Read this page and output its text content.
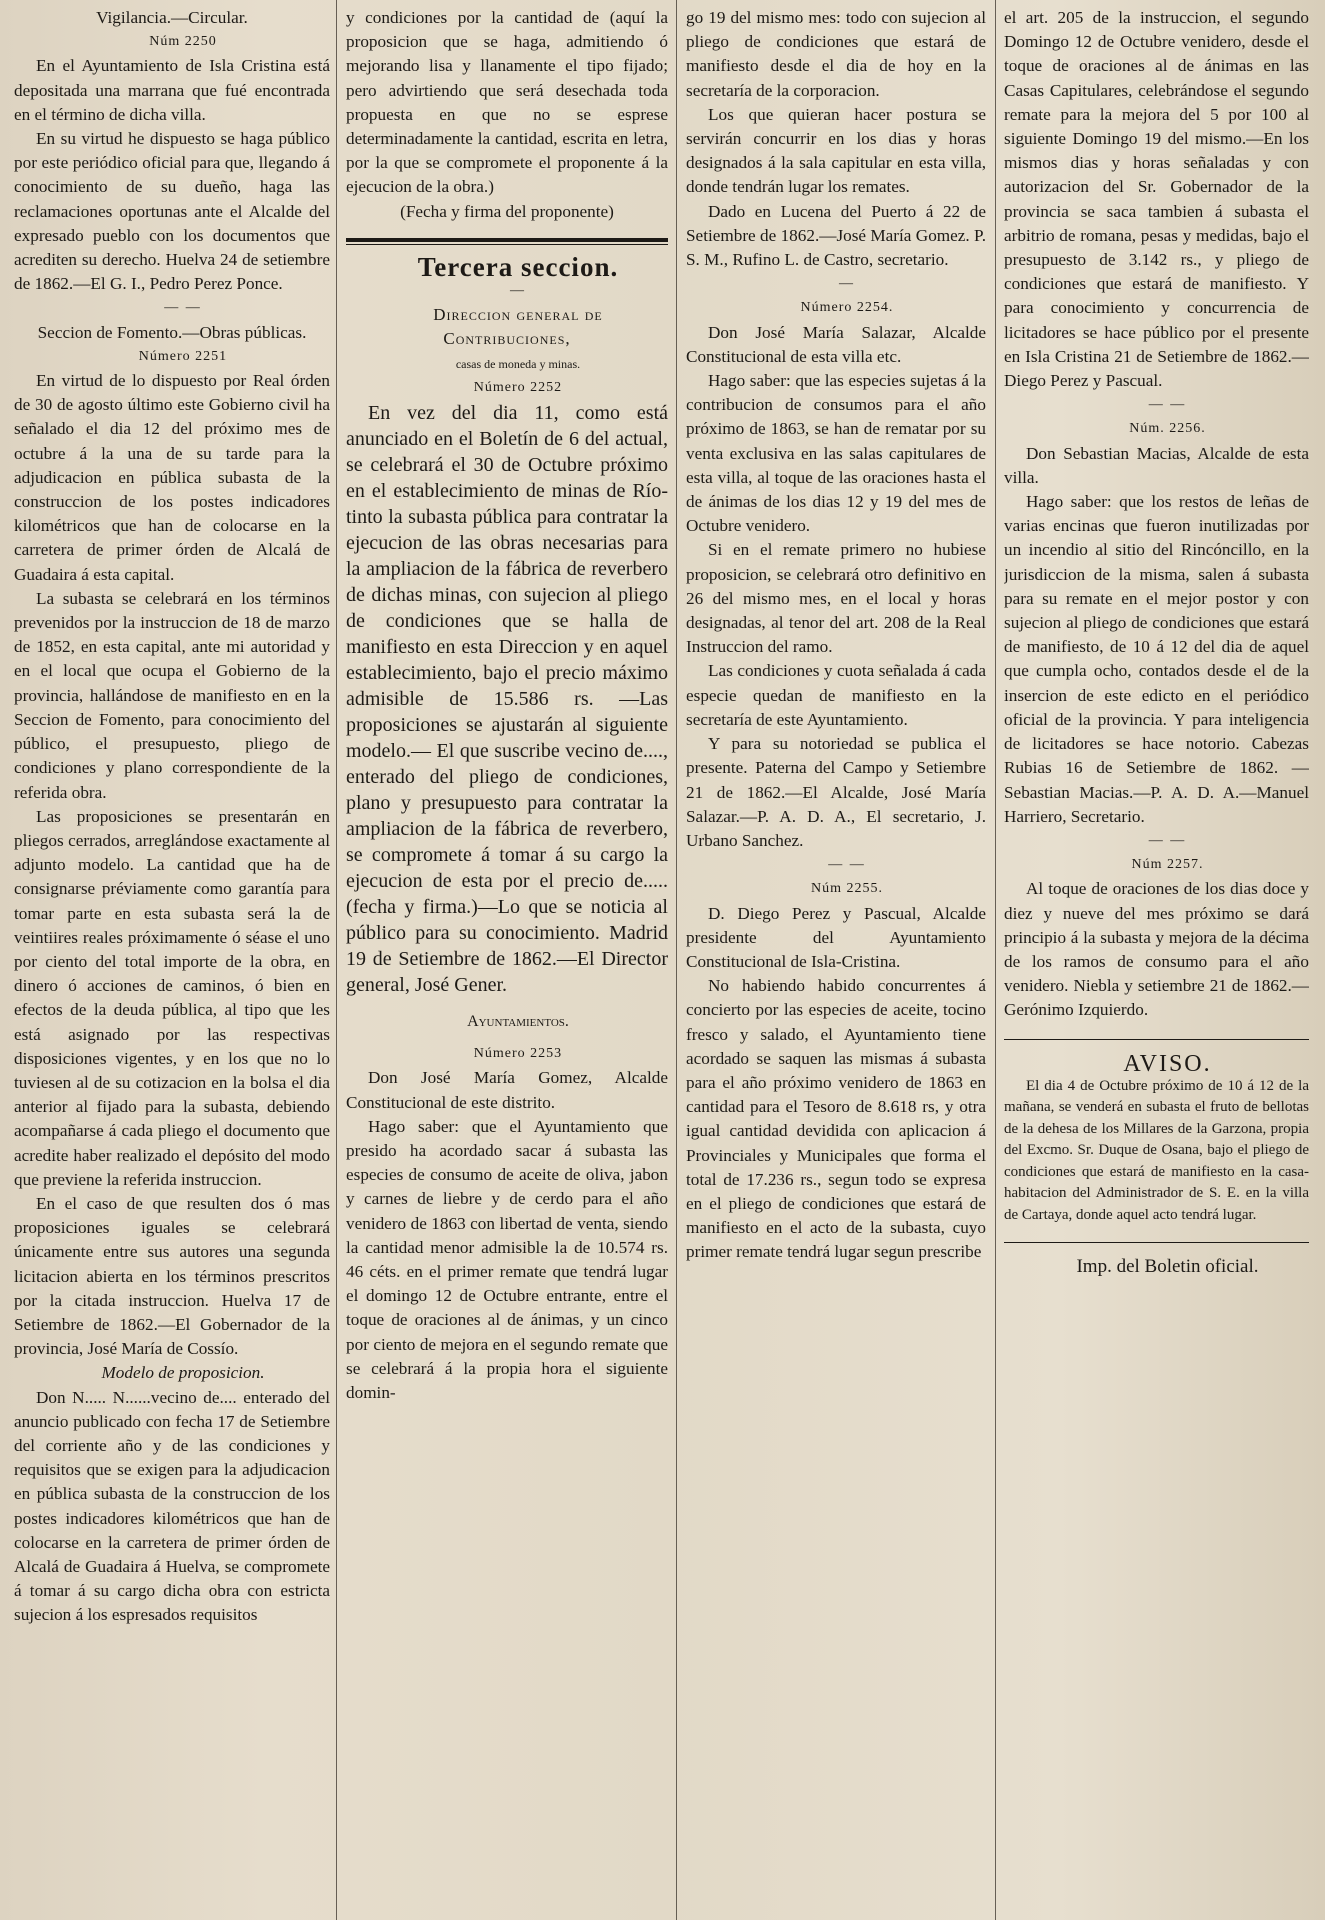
Vigilancia.—Circular.

Núm 2250

En el Ayuntamiento de Isla Cristina está depositada una marrana que fué encontrada en el término de dicha villa.

En su virtud he dispuesto se haga público por este periódico oficial para que, llegando á conocimiento de su dueño, haga las reclamaciones oportunas ante el Alcalde del expresado pueblo con los documentos que acrediten su derecho. Huelva 24 de setiembre de 1862.—El G. I., Pedro Perez Ponce.

— —

Seccion de Fomento.—Obras públicas.

Número 2251

En virtud de lo dispuesto por Real órden de 30 de agosto último este Gobierno civil ha señalado el dia 12 del próximo mes de octubre á la una de su tarde para la adjudicacion en pública subasta de la construccion de los postes indicadores kilométricos que han de colocarse en la carretera de primer órden de Alcalá de Guadaira á esta capital.

La subasta se celebrará en los términos prevenidos por la instruccion de 18 de marzo de 1852, en esta capital, ante mi autoridad y en el local que ocupa el Gobierno de la provincia, hallándose de manifiesto en en la Seccion de Fomento, para conocimiento del público, el presupuesto, pliego de condiciones y plano correspondiente de la referida obra.

Las proposiciones se presentarán en pliegos cerrados, arreglándose exactamente al adjunto modelo. La cantidad que ha de consignarse préviamente como garantía para tomar parte en esta subasta será la de veintiires reales próximamente ó séase el uno por ciento del total importe de la obra, en dinero ó acciones de caminos, ó bien en efectos de la deuda pública, al tipo que les está asignado por las respectivas disposiciones vigentes, y en los que no lo tuviesen al de su cotizacion en la bolsa el dia anterior al fijado para la subasta, debiendo acompañarse á cada pliego el documento que acredite haber realizado el depósito del modo que previene la referida instruccion.

En el caso de que resulten dos ó mas proposiciones iguales se celebrará únicamente entre sus autores una segunda licitacion abierta en los términos prescritos por la citada instruccion. Huelva 17 de Setiembre de 1862.—El Gobernador de la provincia, José María de Cossío.

Modelo de proposicion.

Don N..... N......vecino de.... enterado del anuncio publicado con fecha 17 de Setiembre del corriente año y de las condiciones y requisitos que se exigen para la adjudicacion en pública subasta de la construccion de los postes indicadores kilométricos que han de colocarse en la carretera de primer órden de Alcalá de Guadaira á Huelva, se compromete á tomar á su cargo dicha obra con estricta sujecion á los espresados requisitos

y condiciones por la cantidad de (aquí la proposicion que se haga, admitiendo ó mejorando lisa y llanamente el tipo fijado; pero advirtiendo que será desechada toda propuesta en que no se esprese determinadamente la cantidad, escrita en letra, por la que se compromete el proponente á la ejecucion de la obra.)

(Fecha y firma del proponente)

Tercera seccion.

—

Direccion general de Contribuciones,

casas de moneda y minas.

Número 2252

En vez del dia 11, como está anunciado en el Boletín de 6 del actual, se celebrará el 30 de Octubre próximo en el establecimiento de minas de Río-tinto la subasta pública para contratar la ejecucion de las obras necesarias para la ampliacion de la fábrica de reverbero de dichas minas, con sujecion al pliego de condiciones que se halla de manifiesto en esta Direccion y en aquel establecimiento, bajo el precio máximo admisible de 15.586 rs. —Las proposiciones se ajustarán al siguiente modelo.— El que suscribe vecino de...., enterado del pliego de condiciones, plano y presupuesto para contratar la ampliacion de la fábrica de reverbero, se compromete á tomar á su cargo la ejecucion de esta por el precio de..... (fecha y firma.)—Lo que se noticia al público para su conocimiento. Madrid 19 de Setiembre de 1862.—El Director general, José Gener.

Ayuntamientos.

Número 2253

Don José María Gomez, Alcalde Constitucional de este distrito.

Hago saber: que el Ayuntamiento que presido ha acordado sacar á subasta las especies de consumo de aceite de oliva, jabon y carnes de liebre y de cerdo para el año venidero de 1863 con libertad de venta, siendo la cantidad menor admisible la de 10.574 rs. 46 céts. en el primer remate que tendrá lugar el domingo 12 de Octubre entrante, entre el toque de oraciones al de ánimas, y un cinco por ciento de mejora en el segundo remate que se celebrará á la propia hora el siguiente domin-

go 19 del mismo mes: todo con sujecion al pliego de condiciones que estará de manifiesto desde el dia de hoy en la secretaría de la corporacion.

Los que quieran hacer postura se servirán concurrir en los dias y horas designados á la sala capitular en esta villa, donde tendrán lugar los remates.

Dado en Lucena del Puerto á 22 de Setiembre de 1862.—José María Gomez. P. S. M., Rufino L. de Castro, secretario.

—

Número 2254.

Don José María Salazar, Alcalde Constitucional de esta villa etc.

Hago saber: que las especies sujetas á la contribucion de consumos para el año próximo de 1863, se han de rematar por su venta exclusiva en las salas capitulares de esta villa, al toque de las oraciones hasta el de ánimas de los dias 12 y 19 del mes de Octubre venidero.

Si en el remate primero no hubiese proposicion, se celebrará otro definitivo en 26 del mismo mes, en el local y horas designadas, al tenor del art. 208 de la Real Instruccion del ramo.

Las condiciones y cuota señalada á cada especie quedan de manifiesto en la secretaría de este Ayuntamiento.

Y para su notoriedad se publica el presente. Paterna del Campo y Setiembre 21 de 1862.—El Alcalde, José María Salazar.—P. A. D. A., El secretario, J. Urbano Sanchez.

— —

Núm 2255.

D. Diego Perez y Pascual, Alcalde presidente del Ayuntamiento Constitucional de Isla-Cristina.

No habiendo habido concurrentes á concierto por las especies de aceite, tocino fresco y salado, el Ayuntamiento tiene acordado se saquen las mismas á subasta para el año próximo venidero de 1863 en cantidad para el Tesoro de 8.618 rs, y otra igual cantidad devidida con aplicacion á Provinciales y Municipales que forma el total de 17.236 rs., segun todo se expresa en el pliego de condiciones que estará de manifiesto en el acto de la subasta, cuyo primer remate tendrá lugar segun prescribe

el art. 205 de la instruccion, el segundo Domingo 12 de Octubre venidero, desde el toque de oraciones al de ánimas en las Casas Capitulares, celebrándose el segundo remate para la mejora del 5 por 100 al siguiente Domingo 19 del mismo.—En los mismos dias y horas señaladas y con autorizacion del Sr. Gobernador de la provincia se saca tambien á subasta el arbitrio de romana, pesas y medidas, bajo el presupuesto de 3.142 rs., y pliego de condiciones que estará de manifiesto. Y para conocimiento y concurrencia de licitadores se hace público por el presente en Isla Cristina 21 de Setiembre de 1862.—Diego Perez y Pascual.

— —

Núm. 2256.

Don Sebastian Macias, Alcalde de esta villa.

Hago saber: que los restos de leñas de varias encinas que fueron inutilizadas por un incendio al sitio del Rincóncillo, en la jurisdiccion de la misma, salen á subasta para su remate en el mejor postor y con sujecion al pliego de condiciones que estará de manifiesto, de 10 á 12 del dia de aquel que cumpla ocho, contados desde el de la insercion de este edicto en el periódico oficial de la provincia. Y para inteligencia de licitadores se hace notorio. Cabezas Rubias 16 de Setiembre de 1862. —Sebastian Macias.—P. A. D. A.—Manuel Harriero, Secretario.

— —

Núm 2257.

Al toque de oraciones de los dias doce y diez y nueve del mes próximo se dará principio á la subasta y mejora de la décima de los ramos de consumo para el año venidero. Niebla y setiembre 21 de 1862.—Gerónimo Izquierdo.

AVISO.

El dia 4 de Octubre próximo de 10 á 12 de la mañana, se venderá en subasta el fruto de bellotas de la dehesa de los Millares de la Garzona, propia del Excmo. Sr. Duque de Osana, bajo el pliego de condiciones que estará de manifiesto en la casa-habitacion del Administrador de S. E. en la villa de Cartaya, donde aquel acto tendrá lugar.

Imp. del Boletin oficial.
